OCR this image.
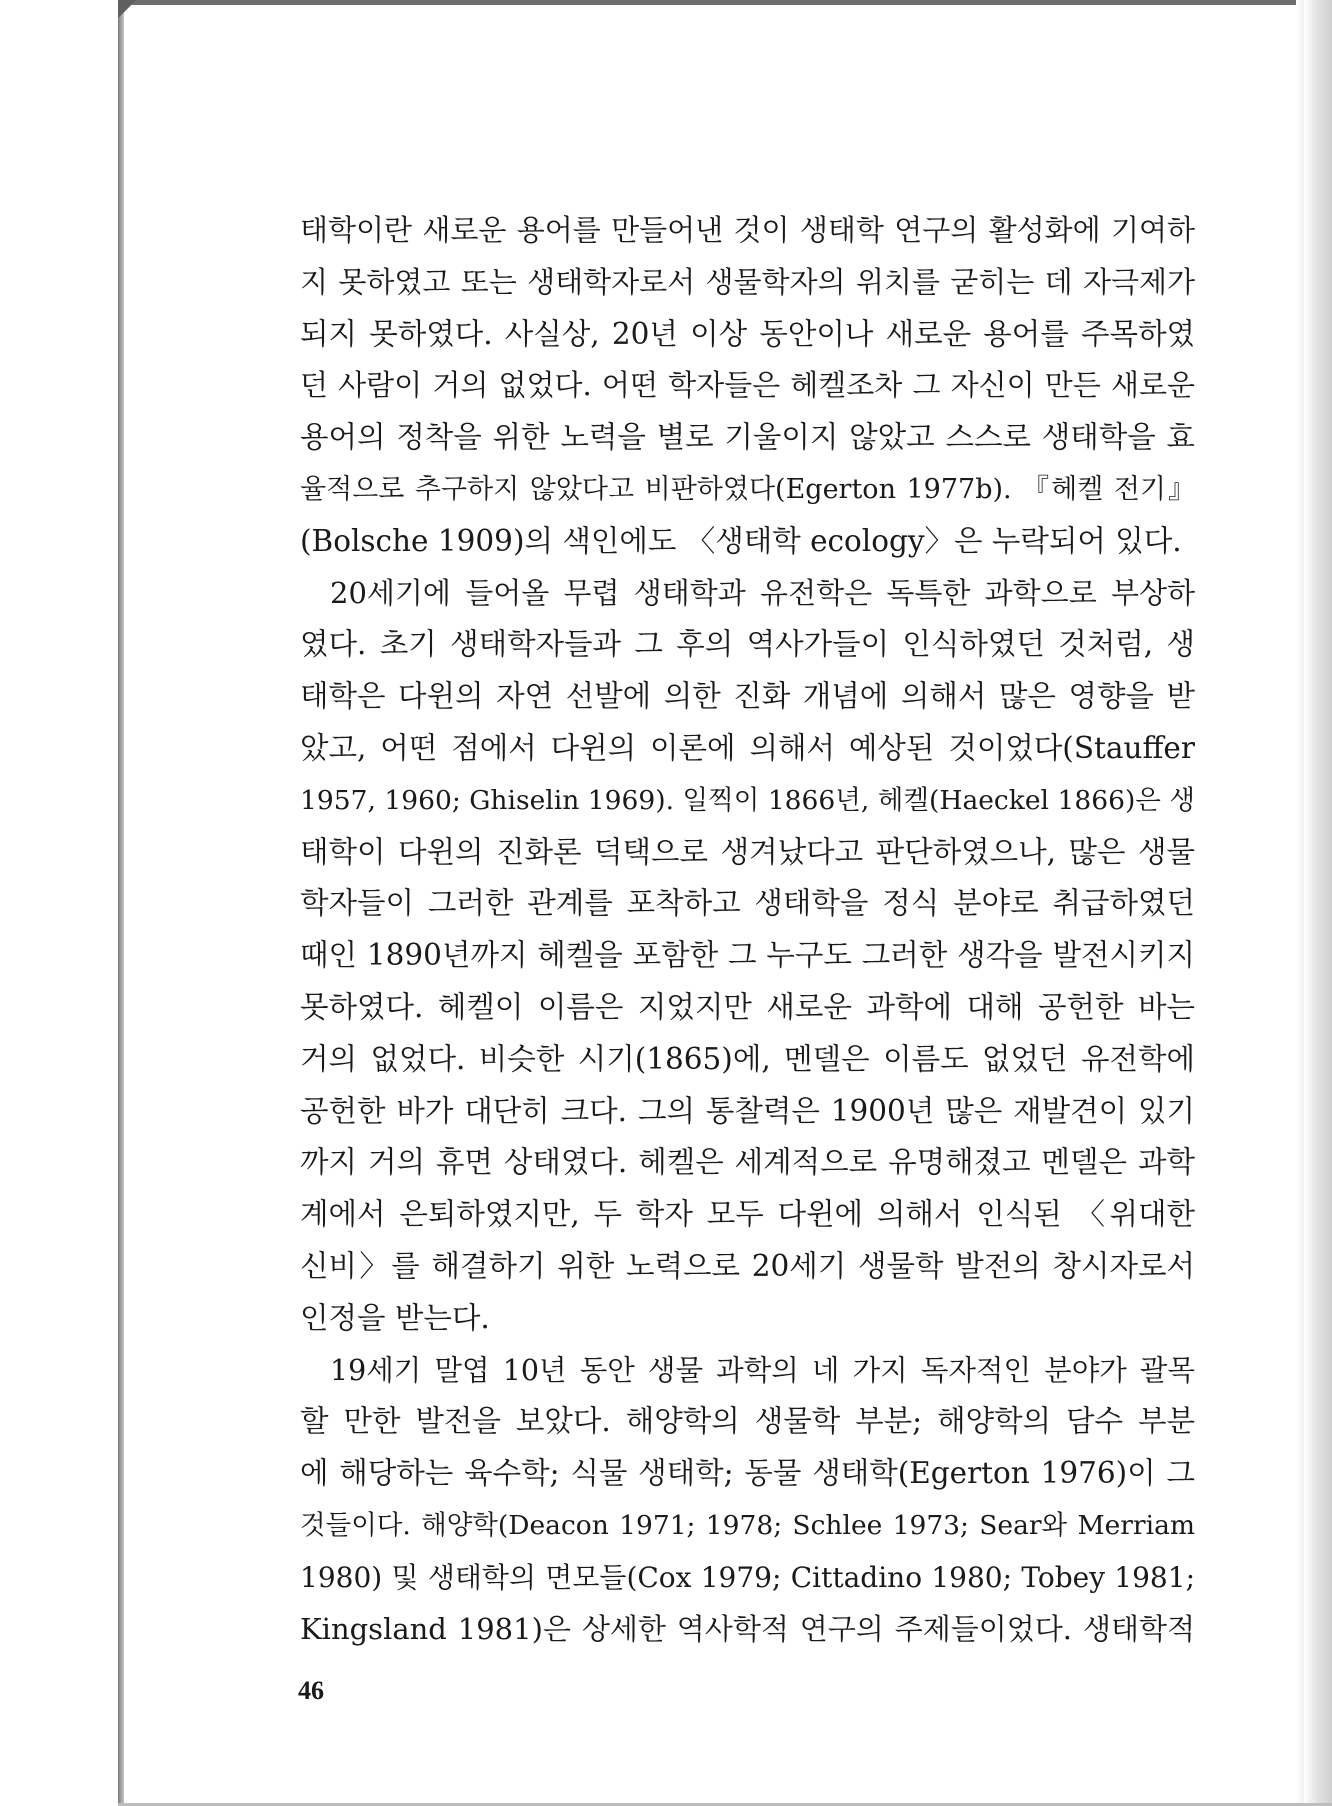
태학이란 새로운 용어를 만들어낸 것이 생태학 연구의 활성화에 기여하
지 못하였고 또는 생태학자로서 생물학자의 위치를 굳히는 데 자극제가
되지 못하였다. 사실상, 20년 이상 동안이나 새로운 용어를 주목하였
던 사람이 거의 없었다. 어떤 학자들은 헤켈조차 그 자신이 만든 새로운
용어의 정착을 위한 노력을 별로 기울이지 않았고 스스로 생태학을 효
율적으로 추구하지 않았다고 비판하였다(Egerton 1977b). 『헤켈 전기』
(Bolsche 1909)의 색인에도 〈생태학 ecology〉은 누락되어 있다.
20세기에 들어올 무렵 생태학과 유전학은 독특한 과학으로 부상하
였다. 초기 생태학자들과 그 후의 역사가들이 인식하였던 것처럼, 생
태학은 다윈의 자연 선발에 의한 진화 개념에 의해서 많은 영향을 받
았고, 어떤 점에서 다윈의 이론에 의해서 예상된 것이었다(Stauffer
1957, 1960; Ghiselin 1969). 일찍이 1866년, 헤켈(Haeckel 1866)은 생
태학이 다윈의 진화론 덕택으로 생겨났다고 판단하였으나, 많은 생물
학자들이 그러한 관계를 포착하고 생태학을 정식 분야로 취급하였던
때인 1890년까지 헤켈을 포함한 그 누구도 그러한 생각을 발전시키지
못하였다. 헤켈이 이름은 지었지만 새로운 과학에 대해 공헌한 바는
거의 없었다. 비슷한 시기(1865)에, 멘델은 이름도 없었던 유전학에
공헌한 바가 대단히 크다. 그의 통찰력은 1900년 많은 재발견이 있기
까지 거의 휴면 상태였다. 헤켈은 세계적으로 유명해졌고 멘델은 과학
계에서 은퇴하였지만, 두 학자 모두 다윈에 의해서 인식된 〈위대한
신비〉를 해결하기 위한 노력으로 20세기 생물학 발전의 창시자로서
인정을 받는다.
19세기 말엽 10년 동안 생물 과학의 네 가지 독자적인 분야가 괄목
할 만한 발전을 보았다. 해양학의 생물학 부분; 해양학의 담수 부분
에 해당하는 육수학; 식물 생태학; 동물 생태학(Egerton 1976)이 그
것들이다. 해양학(Deacon 1971; 1978; Schlee 1973; Sear와 Merriam
1980) 및 생태학의 면모들(Cox 1979; Cittadino 1980; Tobey 1981;
Kingsland 1981)은 상세한 역사학적 연구의 주제들이었다. 생태학적
46
